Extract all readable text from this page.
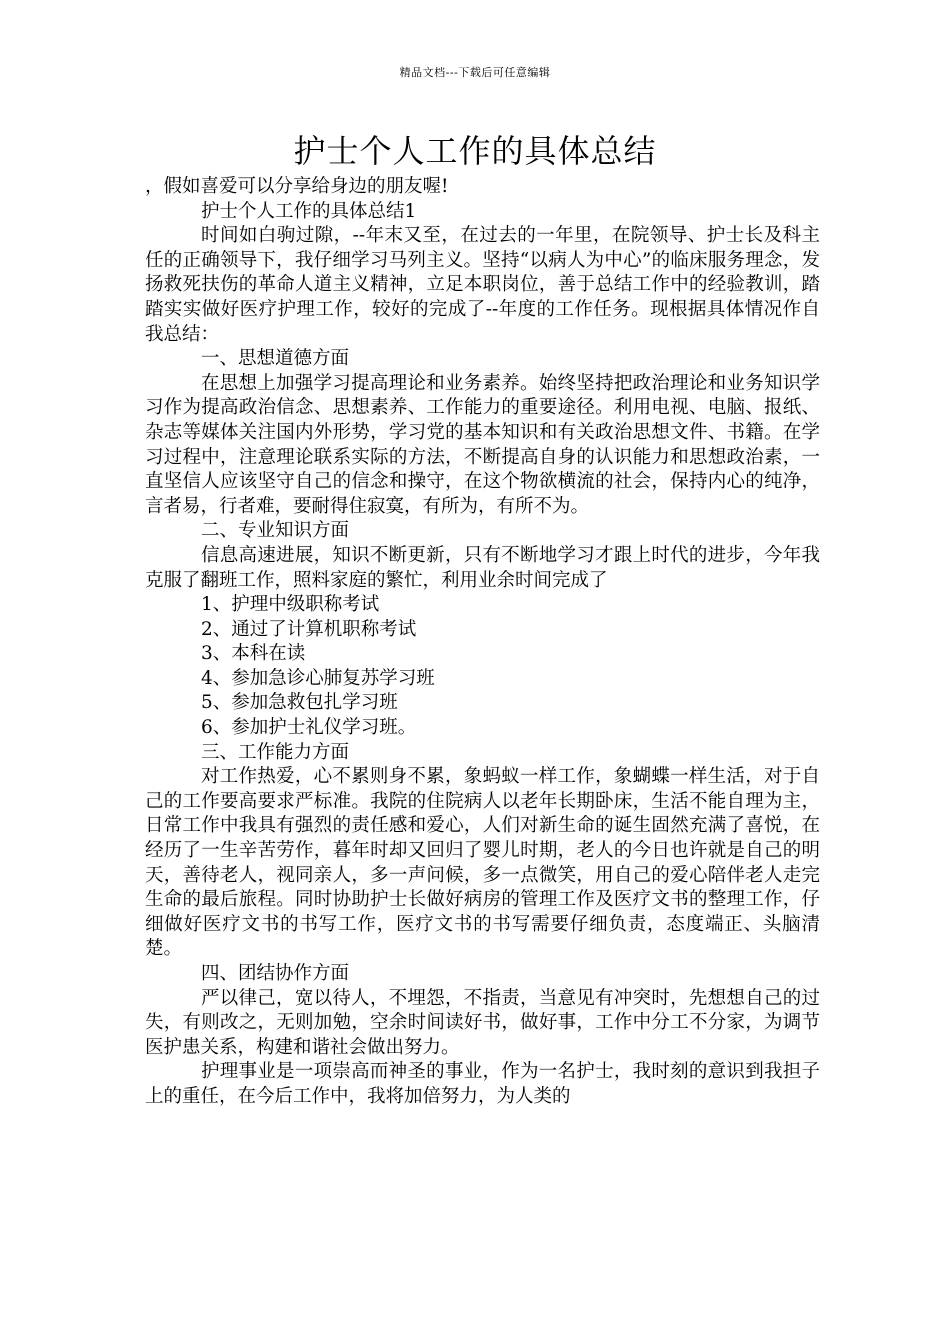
精品文档---下载后可任意编辑
护士个人工作的具体总结

，假如喜爱可以分享给身边的朋友喔!

护士个人工作的具体总结1

时间如白驹过隙，--年末又至，在过去的一年里，在院领导、护士长及科主任的正确领导下，我仔细学习马列主义。坚持“以病人为中心”的临床服务理念，发扬救死扶伤的革命人道主义精神，立足本职岗位，善于总结工作中的经验教训，踏踏实实做好医疗护理工作，较好的完成了--年度的工作任务。现根据具体情况作自我总结：

一、思想道德方面

在思想上加强学习提高理论和业务素养。始终坚持把政治理论和业务知识学习作为提高政治信念、思想素养、工作能力的重要途径。利用电视、电脑、报纸、杂志等媒体关注国内外形势，学习党的基本知识和有关政治思想文件、书籍。在学习过程中，注意理论联系实际的方法，不断提高自身的认识能力和思想政治素，一直坚信人应该坚守自己的信念和操守，在这个物欲横流的社会，保持内心的纯净，言者易，行者难，要耐得住寂寞，有所为，有所不为。

二、专业知识方面

信息高速进展，知识不断更新，只有不断地学习才跟上时代的进步，今年我克服了翻班工作，照料家庭的繁忙，利用业余时间完成了

1、护理中级职称考试

2、通过了计算机职称考试

3、本科在读

4、参加急诊心肺复苏学习班

5、参加急救包扎学习班

6、参加护士礼仪学习班。

三、工作能力方面

对工作热爱，心不累则身不累，象蚂蚁一样工作，象蝴蝶一样生活，对于自己的工作要高要求严标准。我院的住院病人以老年长期卧床，生活不能自理为主，日常工作中我具有强烈的责任感和爱心，人们对新生命的诞生固然充满了喜悦，在经历了一生辛苦劳作，暮年时却又回归了婴儿时期，老人的今日也许就是自己的明天，善待老人，视同亲人，多一声问候，多一点微笑，用自己的爱心陪伴老人走完生命的最后旅程。同时协助护士长做好病房的管理工作及医疗文书的整理工作，仔细做好医疗文书的书写工作，医疗文书的书写需要仔细负责，态度端正、头脑清楚。

四、团结协作方面

严以律己，宽以待人，不埋怨，不指责，当意见有冲突时，先想想自己的过失，有则改之，无则加勉，空余时间读好书，做好事，工作中分工不分家，为调节医护患关系，构建和谐社会做出努力。

护理事业是一项崇高而神圣的事业，作为一名护士，我时刻的意识到我担子上的重任，在今后工作中，我将加倍努力，为人类的
